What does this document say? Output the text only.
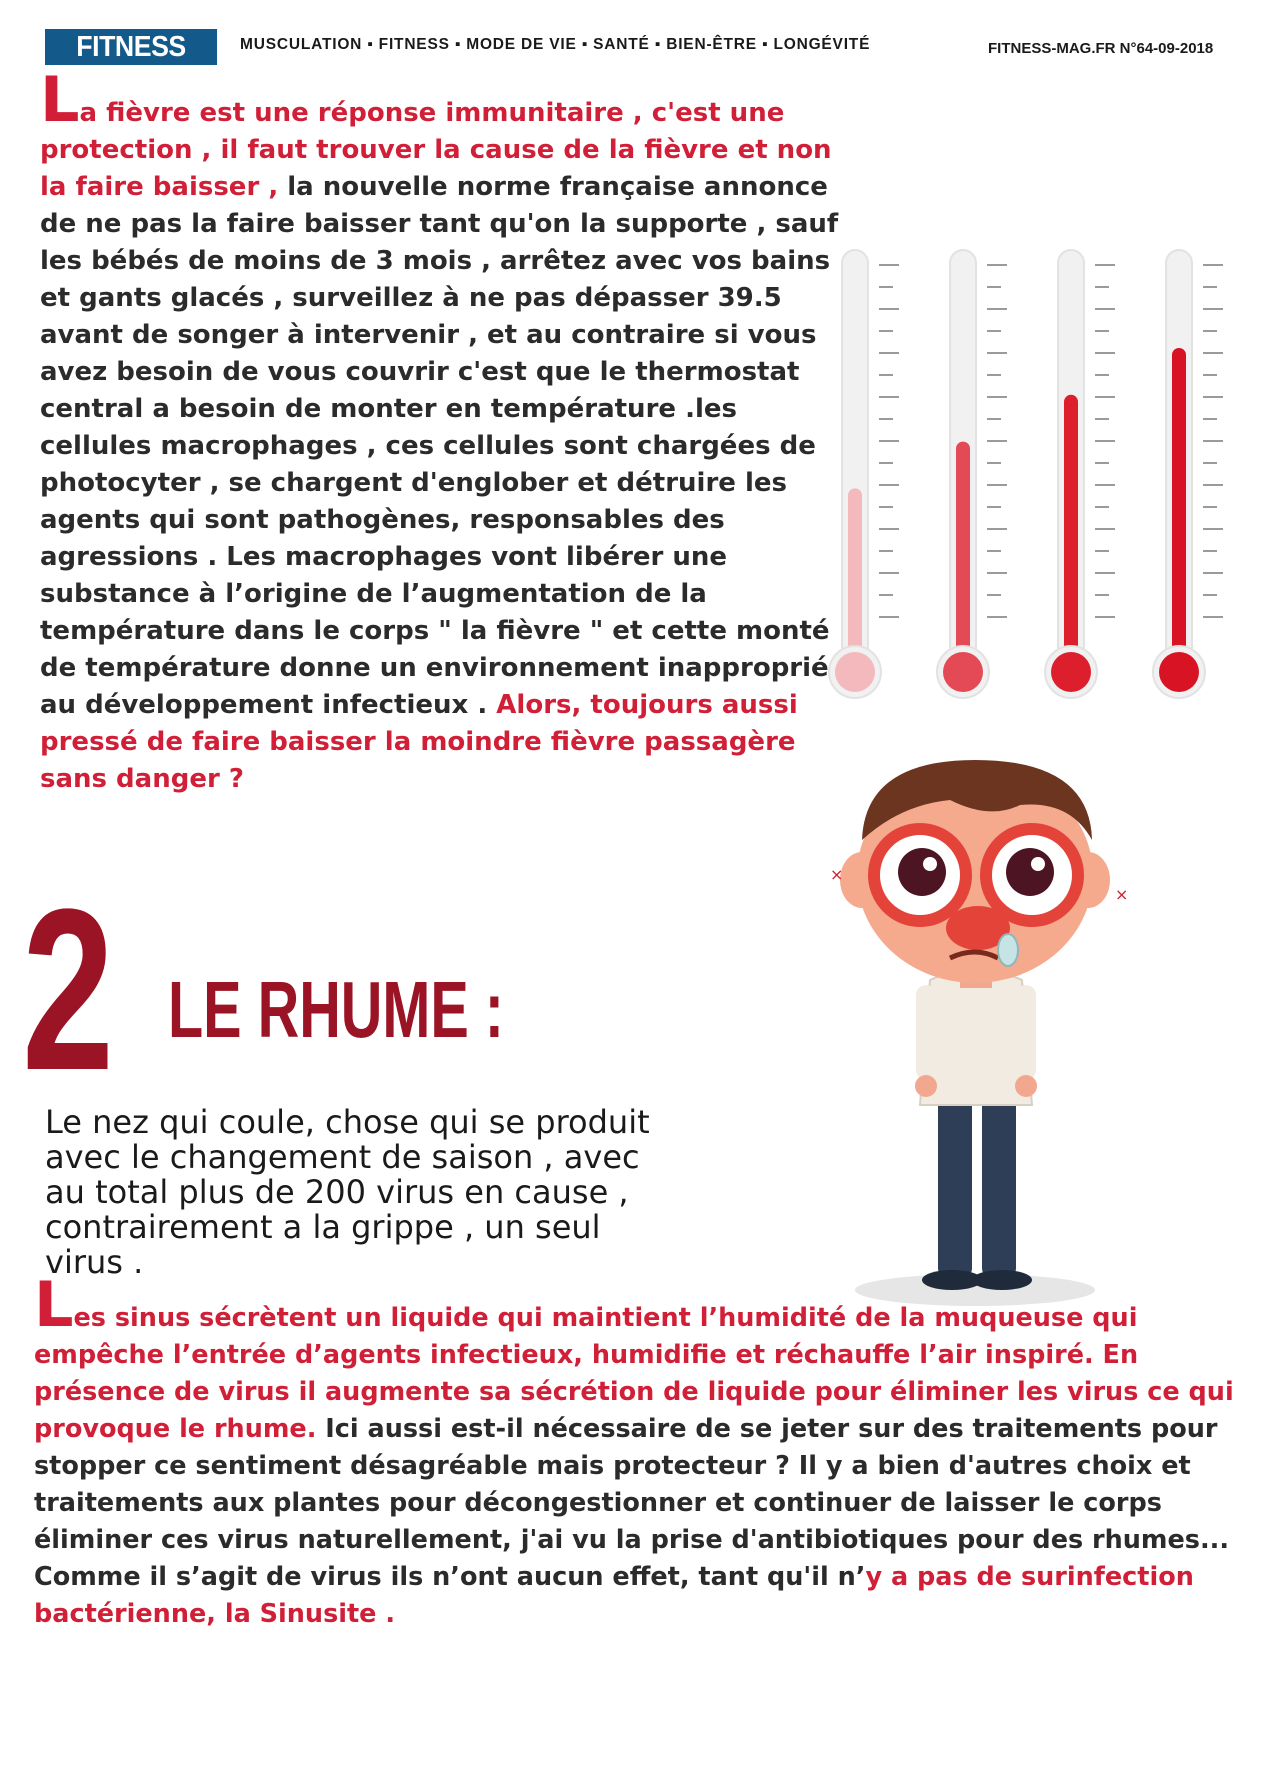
FITNESS MAG
MUSCULATION ▪ FITNESS ▪ MODE DE VIE ▪ SANTÉ ▪ BIEN-ÊTRE ▪ LONGÉVITÉ	FITNESS-MAG.FR N°64-09-2018

La fièvre est une réponse immunitaire , c'est une protection , il faut trouver la cause de la fièvre et non la faire baisser , la nouvelle norme française annonce de ne pas la faire baisser tant qu'on la supporte , sauf les bébés de moins de 3 mois , arrêtez avec vos bains et gants glacés , surveillez à ne pas dépasser 39.5 avant de songer à intervenir , et au contraire si vous avez besoin de vous couvrir c'est que le thermostat central a besoin de monter en température .les cellules macrophages , ces cellules sont chargées de photocyter , se chargent d'englober et détruire les agents qui sont pathogènes, responsables des agressions . Les macrophages vont libérer une substance à l’origine de l’augmentation de la température dans le corps " la fièvre " et cette monté de température donne un environnement inapproprié au développement infectieux . Alors, toujours aussi pressé de faire baisser la moindre fièvre passagère sans danger ?

2 LE RHUME :

Le nez qui coule, chose qui se produit avec le changement de saison , avec au total plus de 200 virus en cause , contrairement a la grippe , un seul virus .

×
×

Les sinus sécrètent un liquide qui maintient l’humidité de la muqueuse qui empêche l’entrée d’agents infectieux, humidifie et réchauffe l’air inspiré. En présence de virus il augmente sa sécrétion de liquide pour éliminer les virus ce qui provoque le rhume. Ici aussi est-il nécessaire de se jeter sur des traitements pour stopper ce sentiment désagréable mais protecteur ? Il y a bien d'autres choix et traitements aux plantes pour décongestionner et continuer de laisser le corps éliminer ces virus naturellement, j'ai vu la prise d'antibiotiques pour des rhumes...
Comme il s’agit de virus ils n’ont aucun effet, tant qu'il n’y a pas de surinfection bactérienne, la Sinusite .
